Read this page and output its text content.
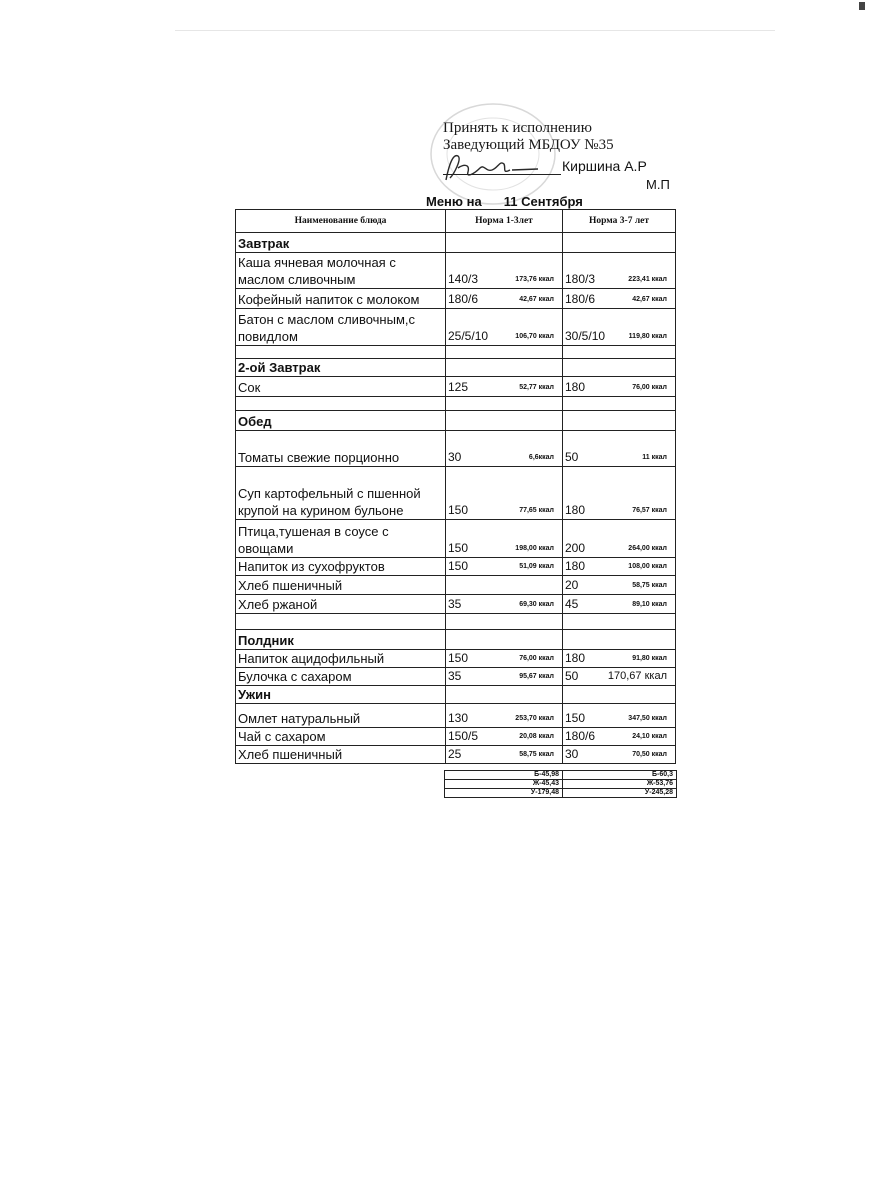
Принять к исполнению
Заведующий МБДОУ №35
Киршина А.Р
М.П
Меню на 11 Сентября
Наименование блюда	Норма 1-3лет	Норма 3-7 лет
Завтрак		
Каша ячневая молочная с маслом сливочным	140/3 173,76 ккал	180/3 223,41 ккал

Кофейный напиток с молоком	180/6 42,67 ккал	180/6 42,67 ккал

Батон с маслом сливочным,с повидлом	25/5/10 106,70 ккал	30/5/10 119,80 ккал

2-ой Завтрак		
Сок	125 52,77 ккал	180 76,00 ккал

Обед		
Томаты свежие порционно	30 6,6ккал	50 11 ккал

Суп картофельный с пшенной крупой на курином бульоне	150 77,65 ккал	180 76,57 ккал

Птица,тушеная в соусе с овощами	150 198,00 ккал	200 264,00 ккал

Напиток из сухофруктов	150 51,09 ккал	180 108,00 ккал

Хлеб пшеничный		20 58,75 ккал

Хлеб ржаной	35 69,30 ккал	45 89,10 ккал

Полдник		
Напиток ацидофильный	150 76,00 ккал	180 91,80 ккал

Булочка с сахаром	35 95,67 ккал	50 170,67 ккал

Ужин		
Омлет натуральный	130 253,70 ккал	150 347,50 ккал

Чай с сахаром	150/5 20,08 ккал	180/6 24,10 ккал

Хлеб пшеничный	25 58,75 ккал	30 70,50 ккал
Б-45,98	Б-60,3
Ж-45,43	Ж-53,76
У-179,48	У-245,28
